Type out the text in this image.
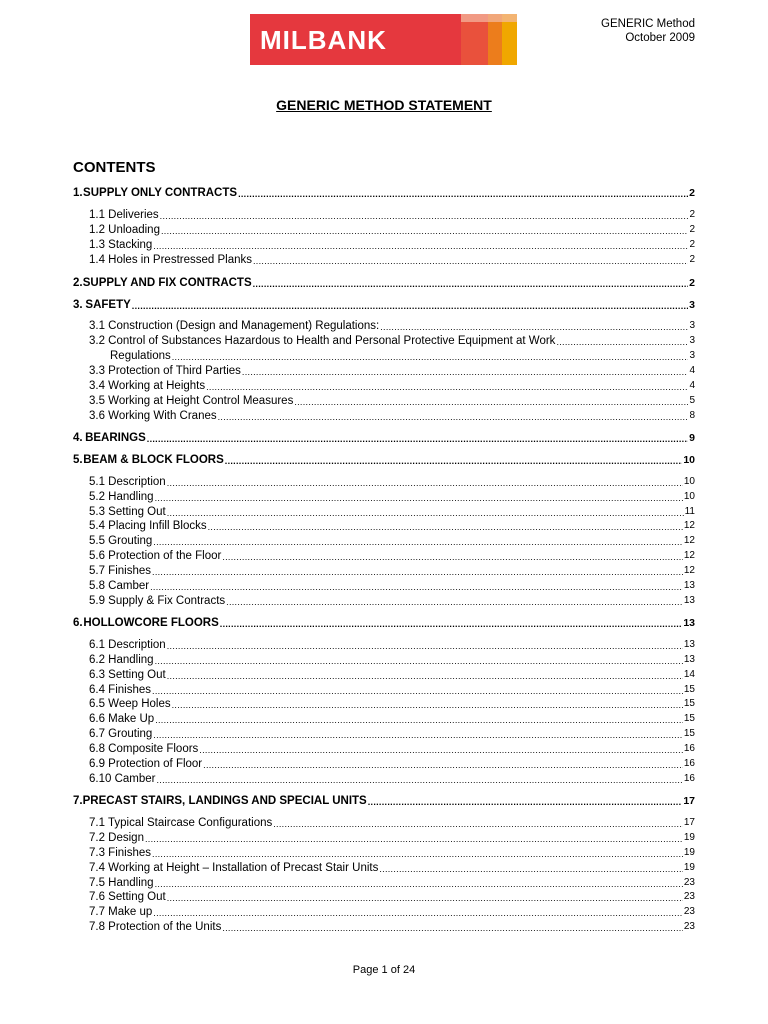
MILBANK
GENERIC Method
October 2009
GENERIC METHOD STATEMENT
CONTENTS
1. SUPPLY ONLY CONTRACTS .....	2
1.1 Deliveries .....	2
1.2 Unloading .....	2
1.3 Stacking .....	2
1.4 Holes in Prestressed Planks .....	2
2. SUPPLY AND FIX CONTRACTS .....	2
3. SAFETY .....	3
3.1 Construction (Design and Management) Regulations: .....	3
3.2 Control of Substances Hazardous to Health and Personal Protective Equipment at Work .....	3
Regulations .....	3
3.3 Protection of Third Parties .....	4
3.4 Working at Heights .....	4
3.5 Working at Height Control Measures .....	5
3.6 Working With Cranes .....	8
4. BEARINGS .....	9
5. BEAM & BLOCK FLOORS .....	10
5.1 Description .....	10
5.2 Handling .....	10
5.3 Setting Out .....	11
5.4 Placing Infill Blocks .....	12
5.5 Grouting .....	12
5.6 Protection of the Floor .....	12
5.7 Finishes .....	12
5.8 Camber .....	13
5.9 Supply & Fix Contracts .....	13
6. HOLLOWCORE FLOORS .....	13
6.1 Description .....	13
6.2 Handling .....	13
6.3 Setting Out .....	14
6.4 Finishes .....	15
6.5 Weep Holes .....	15
6.6 Make Up .....	15
6.7 Grouting .....	15
6.8 Composite Floors .....	16
6.9 Protection of Floor .....	16
6.10 Camber .....	16
7. PRECAST STAIRS, LANDINGS AND SPECIAL UNITS .....	17
7.1 Typical Staircase Configurations .....	17
7.2 Design .....	19
7.3 Finishes .....	19
7.4 Working at Height – Installation of Precast Stair Units .....	19
7.5 Handling .....	23
7.6 Setting Out .....	23
7.7 Make up .....	23
7.8 Protection of the Units .....	23
Page 1 of 24
